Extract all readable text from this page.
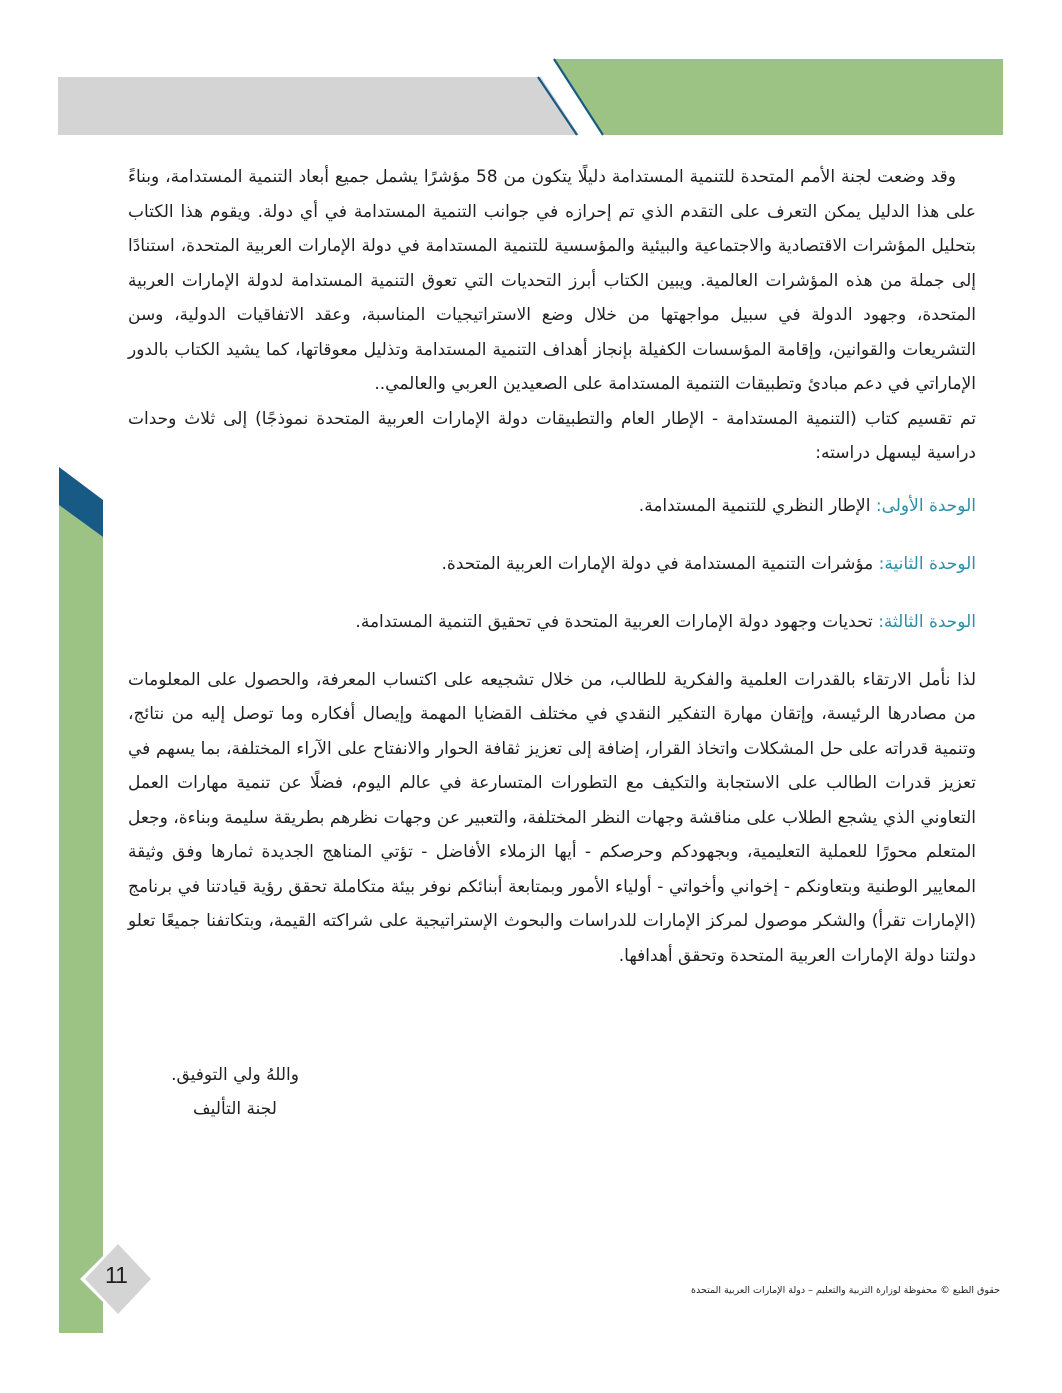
11

وقد وضعت لجنة الأمم المتحدة للتنمية المستدامة دليلًا يتكون من 58 مؤشرًا يشمل جميع أبعاد التنمية المستدامة، وبناءً على هذا الدليل يمكن التعرف على التقدم الذي تم إحرازه في جوانب التنمية المستدامة في أي دولة. ويقوم هذا الكتاب بتحليل المؤشرات الاقتصادية والاجتماعية والبيئية والمؤسسية للتنمية المستدامة في دولة الإمارات العربية المتحدة، استنادًا إلى جملة من هذه المؤشرات العالمية. ويبين الكتاب أبرز التحديات التي تعوق التنمية المستدامة لدولة الإمارات العربية المتحدة، وجهود الدولة في سبيل مواجهتها من خلال وضع الاستراتيجيات المناسبة، وعقد الاتفاقيات الدولية، وسن التشريعات والقوانين، وإقامة المؤسسات الكفيلة بإنجاز أهداف التنمية المستدامة وتذليل معوقاتها، كما يشيد الكتاب بالدور الإماراتي في دعم مبادئ وتطبيقات التنمية المستدامة على الصعيدين العربي والعالمي..

تم تقسيم كتاب (التنمية المستدامة - الإطار العام والتطبيقات دولة الإمارات العربية المتحدة نموذجًا) إلى ثلاث وحدات دراسية ليسهل دراسته:

الوحدة الأولى: الإطار النظري للتنمية المستدامة.
الوحدة الثانية: مؤشرات التنمية المستدامة في دولة الإمارات العربية المتحدة.
الوحدة الثالثة: تحديات وجهود دولة الإمارات العربية المتحدة في تحقيق التنمية المستدامة.

لذا نأمل الارتقاء بالقدرات العلمية والفكرية للطالب، من خلال تشجيعه على اكتساب المعرفة، والحصول على المعلومات من مصادرها الرئيسة، وإتقان مهارة التفكير النقدي في مختلف القضايا المهمة وإيصال أفكاره وما توصل إليه من نتائج، وتنمية قدراته على حل المشكلات واتخاذ القرار، إضافة إلى تعزيز ثقافة الحوار والانفتاح على الآراء المختلفة، بما يسهم في تعزيز قدرات الطالب على الاستجابة والتكيف مع التطورات المتسارعة في عالم اليوم، فضلًا عن تنمية مهارات العمل التعاوني الذي يشجع الطلاب على مناقشة وجهات النظر المختلفة، والتعبير عن وجهات نظرهم بطريقة سليمة وبناءة، وجعل المتعلم محورًا للعملية التعليمية، وبجهودكم وحرصكم - أيها الزملاء الأفاضل - تؤتي المناهج الجديدة ثمارها وفق وثيقة المعايير الوطنية وبتعاونكم - إخواني وأخواتي - أولياء الأمور وبمتابعة أبنائكم نوفر بيئة متكاملة تحقق رؤية قيادتنا في برنامج (الإمارات تقرأ) والشكر موصول لمركز الإمارات للدراسات والبحوث الإستراتيجية على شراكته القيمة، وبتكاتفنا جميعًا تعلو دولتنا دولة الإمارات العربية المتحدة وتحقق أهدافها.

واللهُ ولي التوفيق.
لجنة التأليف
حقوق الطبع © محفوظة لوزارة التربية والتعليم – دولة الإمارات العربية المتحدة
